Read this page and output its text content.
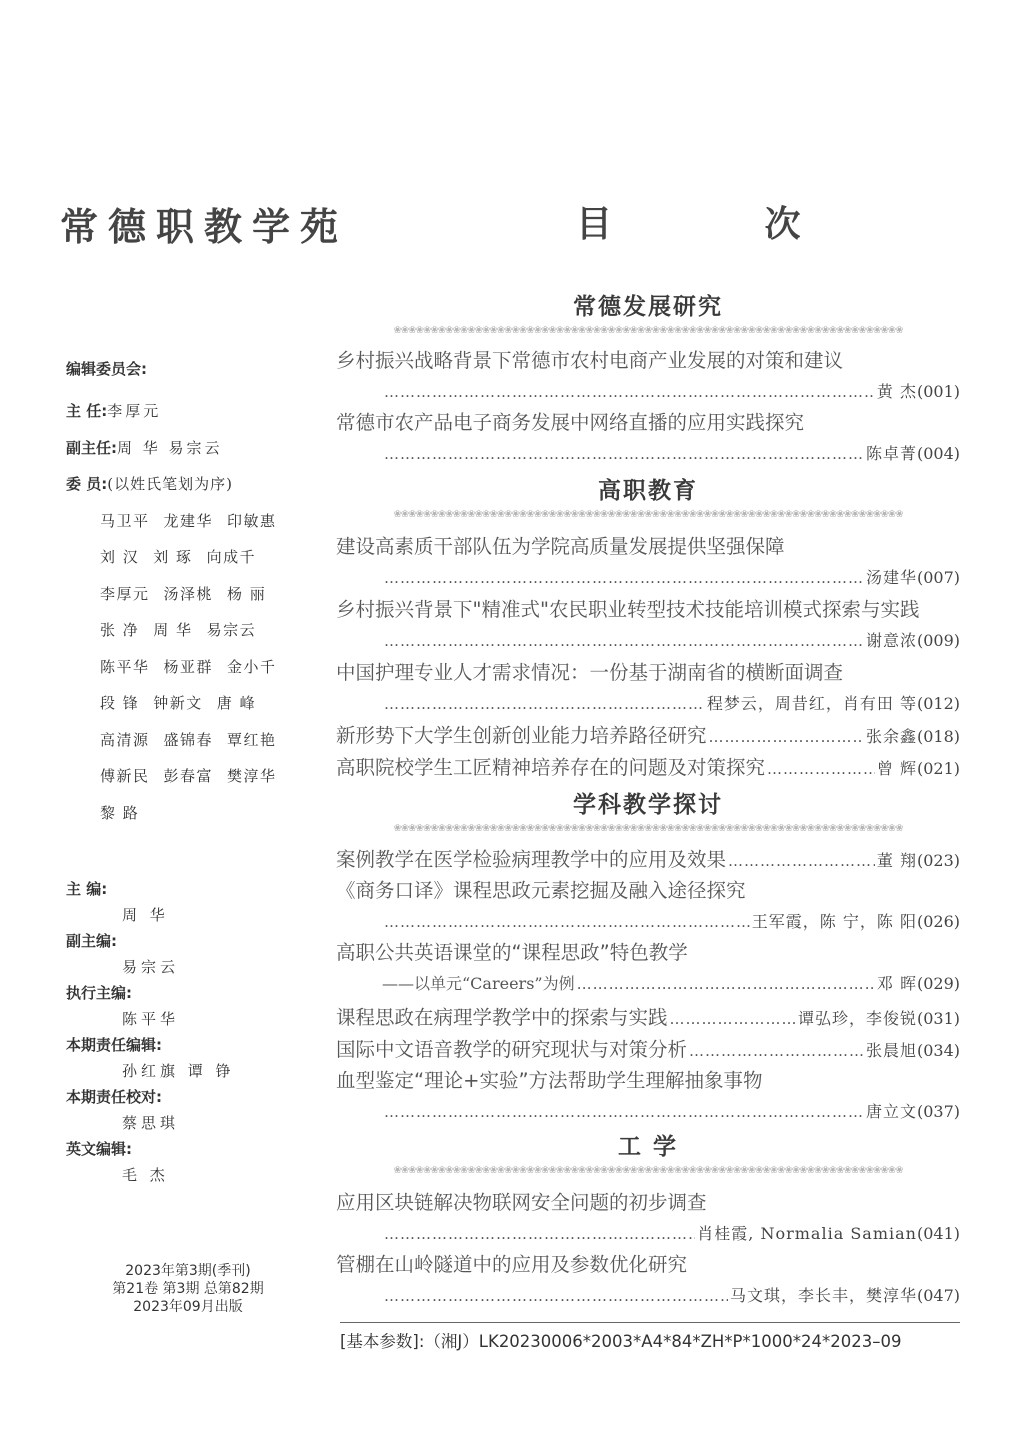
常德职教学苑
编辑委员会:
主 任:李厚元
副主任:周 华 易宗云
委 员:(以姓氏笔划为序)
马卫平 龙建华 印敏惠
刘 汉 刘 琢 向成千
李厚元 汤泽桃 杨 丽
张 净 周 华 易宗云
陈平华 杨亚群 金小千
段 锋 钟新文 唐 峰
高清源 盛锦春 覃红艳
傅新民 彭春富 樊淳华
黎 路
主 编:
周 华
副主编:
易宗云
执行主编:
陈平华
本期责任编辑:
孙红旗 谭 铮
本期责任校对:
蔡思琪
英文编辑:
毛 杰
2023年第3期(季刊)
第21卷 第3期 总第82期
2023年09月出版
目 次
常德发展研究
❀❀❀❀❀❀❀❀❀❀❀❀❀❀❀❀❀❀❀❀❀❀❀❀❀❀❀❀❀❀❀❀❀❀❀❀❀❀❀❀❀❀❀❀❀❀❀❀❀❀❀❀❀❀❀❀❀❀❀❀❀❀❀❀❀❀❀❀❀
乡村振兴战略背景下常德市农村电商产业发展的对策和建议
………………………………………………………………………………………………………………………………………………
黄 杰 (001)
常德市农产品电子商务发展中网络直播的应用实践探究
………………………………………………………………………………………………………………………………………………
陈卓菁 (004)
高职教育
❀❀❀❀❀❀❀❀❀❀❀❀❀❀❀❀❀❀❀❀❀❀❀❀❀❀❀❀❀❀❀❀❀❀❀❀❀❀❀❀❀❀❀❀❀❀❀❀❀❀❀❀❀❀❀❀❀❀❀❀❀❀❀❀❀❀❀❀❀
建设高素质干部队伍为学院高质量发展提供坚强保障
………………………………………………………………………………………………………………………………………………
汤建华 (007)
乡村振兴背景下"精准式"农民职业转型技术技能培训模式探索与实践
………………………………………………………………………………………………………………………………………………
谢意浓 (009)
中国护理专业人才需求情况：一份基于湖南省的横断面调查
………………………………………………………………………………………………………………………………………………
程梦云，周昔红，肖有田 等 (012)
新形势下大学生创新创业能力培养路径研究 ………………………………………………………………………………………………………………………………………………	张余鑫 (018)
高职院校学生工匠精神培养存在的问题及对策探究 ………………………………………………………………………………………………………………………………………………	曾 辉 (021)
学科教学探讨
❀❀❀❀❀❀❀❀❀❀❀❀❀❀❀❀❀❀❀❀❀❀❀❀❀❀❀❀❀❀❀❀❀❀❀❀❀❀❀❀❀❀❀❀❀❀❀❀❀❀❀❀❀❀❀❀❀❀❀❀❀❀❀❀❀❀❀❀❀
案例教学在医学检验病理教学中的应用及效果 ………………………………………………………………………………………………………………………………………………	董 翔 (023)
《商务口译》课程思政元素挖掘及融入途径探究
………………………………………………………………………………………………………………………………………………
王军霞，陈 宁，陈 阳 (026)
高职公共英语课堂的“课程思政”特色教学
——以单元“Careers”为例 ………………………………………………………………………………………………………………………………………………	邓 晖 (029)
课程思政在病理学教学中的探索与实践 ………………………………………………………………………………………………………………………………………………	谭弘珍，李俊锐 (031)
国际中文语音教学的研究现状与对策分析 ………………………………………………………………………………………………………………………………………………	张晨旭 (034)
血型鉴定“理论+实验”方法帮助学生理解抽象事物
………………………………………………………………………………………………………………………………………………
唐立文 (037)
工 学
❀❀❀❀❀❀❀❀❀❀❀❀❀❀❀❀❀❀❀❀❀❀❀❀❀❀❀❀❀❀❀❀❀❀❀❀❀❀❀❀❀❀❀❀❀❀❀❀❀❀❀❀❀❀❀❀❀❀❀❀❀❀❀❀❀❀❀❀❀
应用区块链解决物联网安全问题的初步调查
………………………………………………………………………………………………………………………………………………
肖桂霞, Normalia Samian (041)
管棚在山岭隧道中的应用及参数优化研究
………………………………………………………………………………………………………………………………………………
马文琪，李长丰，樊淳华 (047)
[基本参数]:（湘J）LK20230006*2003*A4*84*ZH*P*1000*24*2023–09
